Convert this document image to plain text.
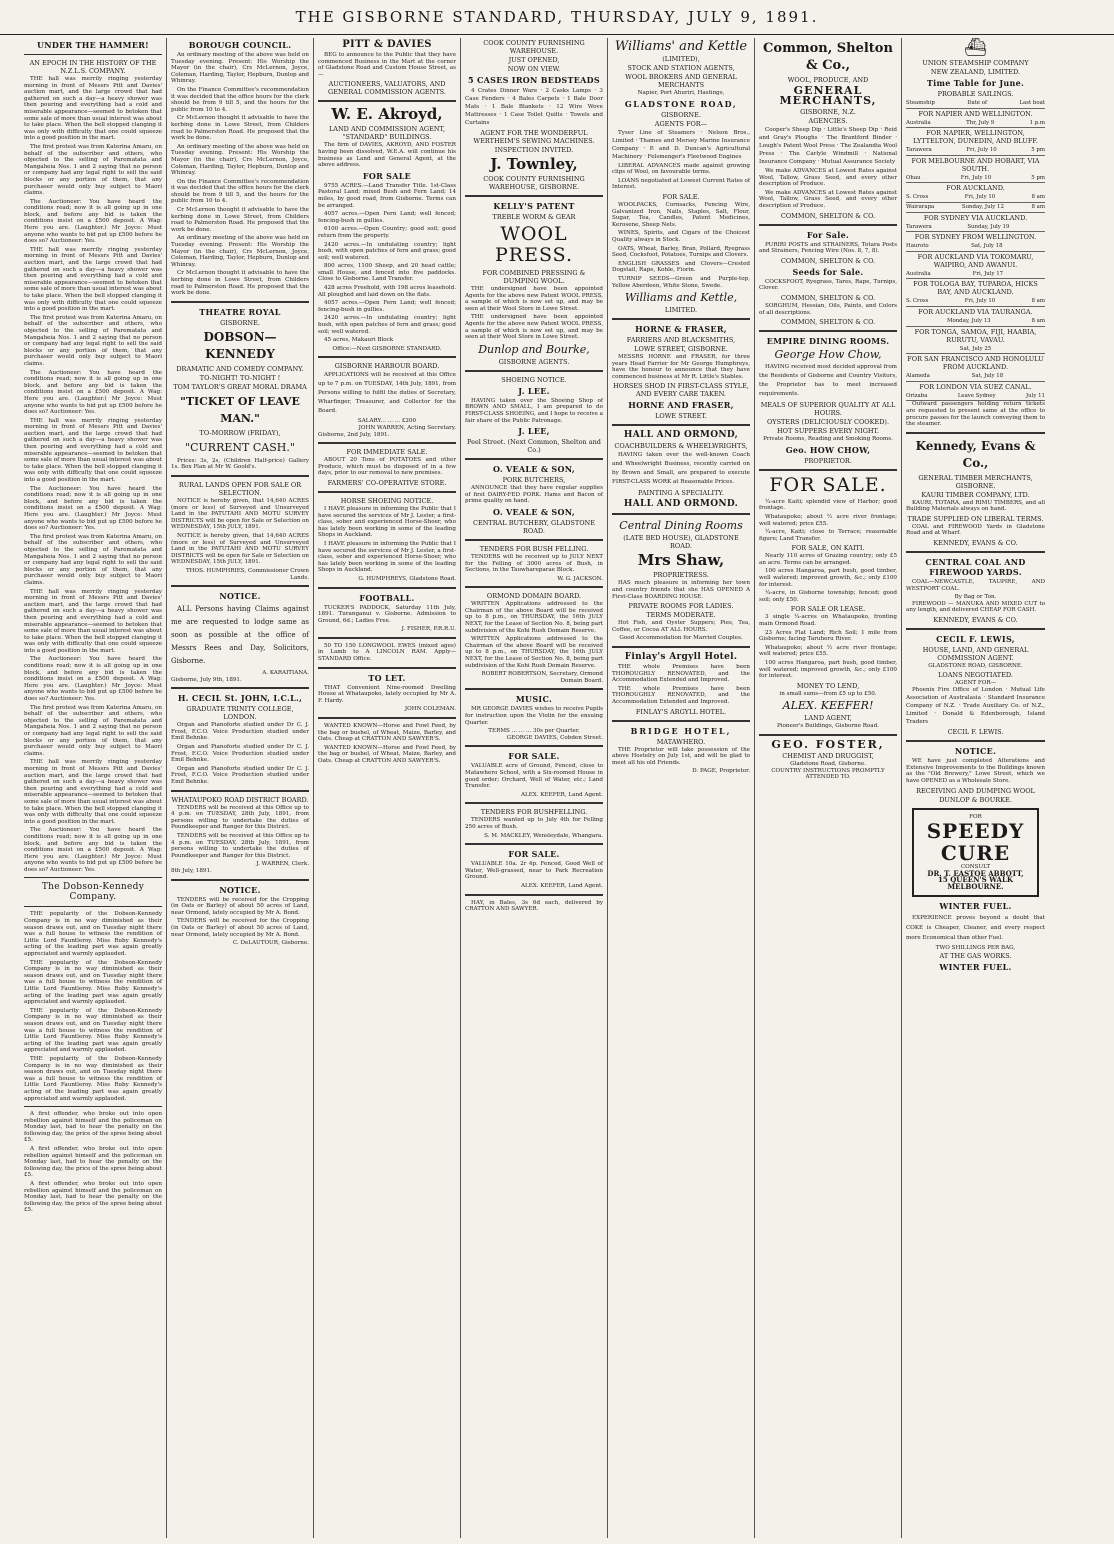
THE GISBORNE STANDARD, THURSDAY, JULY 9, 1891.
UNDER THE HAMMER!
AN EPOCH IN THE HISTORY OF THE N.Z.L.S. COMPANY.

THE hall was merrily ringing yesterday morning in front of Messrs Pitt and Davies' auction mart, and the large crowd that had gathered on such a day—a heavy shower was then pouring and everything had a cold and miserable appearance—seemed to betoken that some sale of more than usual interest was about to take place. When the bell stopped clanging it was only with difficulty that one could squeeze into a good position in the mart.

The first protest was from Katerina Amaru, on behalf of the subscriber and others, who objected to the selling of Parematata and Mangaheia Nos. 1 and 2 saying that no person or company had any legal right to sell the said blocks or any portion of them, that any purchaser would only buy subject to Maori claims.

The Auctioneer: You have heard the conditions read; now it is all going up in one block, and before any bid is taken the conditions insist on a £500 deposit. A Wag: Here you are. (Laughter.) Mr Joyce: Must anyone who wants to bid put up £500 before he does so? Auctioneer: Yes.

THE hall was merrily ringing yesterday morning in front of Messrs Pitt and Davies' auction mart, and the large crowd that had gathered on such a day—a heavy shower was then pouring and everything had a cold and miserable appearance—seemed to betoken that some sale of more than usual interest was about to take place. When the bell stopped clanging it was only with difficulty that one could squeeze into a good position in the mart.

The first protest was from Katerina Amaru, on behalf of the subscriber and others, who objected to the selling of Parematata and Mangaheia Nos. 1 and 2 saying that no person or company had any legal right to sell the said blocks or any portion of them, that any purchaser would only buy subject to Maori claims.

The Auctioneer: You have heard the conditions read; now it is all going up in one block, and before any bid is taken the conditions insist on a £500 deposit. A Wag: Here you are. (Laughter.) Mr Joyce: Must anyone who wants to bid put up £500 before he does so? Auctioneer: Yes.

THE hall was merrily ringing yesterday morning in front of Messrs Pitt and Davies' auction mart, and the large crowd that had gathered on such a day—a heavy shower was then pouring and everything had a cold and miserable appearance—seemed to betoken that some sale of more than usual interest was about to take place. When the bell stopped clanging it was only with difficulty that one could squeeze into a good position in the mart.

The Auctioneer: You have heard the conditions read; now it is all going up in one block, and before any bid is taken the conditions insist on a £500 deposit. A Wag: Here you are. (Laughter.) Mr Joyce: Must anyone who wants to bid put up £500 before he does so? Auctioneer: Yes.

The first protest was from Katerina Amaru, on behalf of the subscriber and others, who objected to the selling of Parematata and Mangaheia Nos. 1 and 2 saying that no person or company had any legal right to sell the said blocks or any portion of them, that any purchaser would only buy subject to Maori claims.

THE hall was merrily ringing yesterday morning in front of Messrs Pitt and Davies' auction mart, and the large crowd that had gathered on such a day—a heavy shower was then pouring and everything had a cold and miserable appearance—seemed to betoken that some sale of more than usual interest was about to take place. When the bell stopped clanging it was only with difficulty that one could squeeze into a good position in the mart.

The Auctioneer: You have heard the conditions read; now it is all going up in one block, and before any bid is taken the conditions insist on a £500 deposit. A Wag: Here you are. (Laughter.) Mr Joyce: Must anyone who wants to bid put up £500 before he does so? Auctioneer: Yes.

The first protest was from Katerina Amaru, on behalf of the subscriber and others, who objected to the selling of Parematata and Mangaheia Nos. 1 and 2 saying that no person or company had any legal right to sell the said blocks or any portion of them, that any purchaser would only buy subject to Maori claims.

THE hall was merrily ringing yesterday morning in front of Messrs Pitt and Davies' auction mart, and the large crowd that had gathered on such a day—a heavy shower was then pouring and everything had a cold and miserable appearance—seemed to betoken that some sale of more than usual interest was about to take place. When the bell stopped clanging it was only with difficulty that one could squeeze into a good position in the mart.

The Auctioneer: You have heard the conditions read; now it is all going up in one block, and before any bid is taken the conditions insist on a £500 deposit. A Wag: Here you are. (Laughter.) Mr Joyce: Must anyone who wants to bid put up £500 before he does so? Auctioneer: Yes.

The Dobson-Kennedy Company.

THE popularity of the Dobson-Kennedy Company is in no way diminished as their season draws out, and on Tuesday night there was a full house to witness the rendition of Little Lord Fauntleroy. Miss Ruby Kennedy's acting of the leading part was again greatly appreciated and warmly applauded.

THE popularity of the Dobson-Kennedy Company is in no way diminished as their season draws out, and on Tuesday night there was a full house to witness the rendition of Little Lord Fauntleroy. Miss Ruby Kennedy's acting of the leading part was again greatly appreciated and warmly applauded.

THE popularity of the Dobson-Kennedy Company is in no way diminished as their season draws out, and on Tuesday night there was a full house to witness the rendition of Little Lord Fauntleroy. Miss Ruby Kennedy's acting of the leading part was again greatly appreciated and warmly applauded.

THE popularity of the Dobson-Kennedy Company is in no way diminished as their season draws out, and on Tuesday night there was a full house to witness the rendition of Little Lord Fauntleroy. Miss Ruby Kennedy's acting of the leading part was again greatly appreciated and warmly applauded.

A first offender, who broke out into open rebellion against himself and the policeman on Monday last, had to hear the penalty on the following day, the price of the spree being about £5.

A first offender, who broke out into open rebellion against himself and the policeman on Monday last, had to hear the penalty on the following day, the price of the spree being about £5.

A first offender, who broke out into open rebellion against himself and the policeman on Monday last, had to hear the penalty on the following day, the price of the spree being about £5.

BOROUGH COUNCIL.

An ordinary meeting of the above was held on Tuesday evening. Present: His Worship the Mayor (in the chair), Crs McLernon, Joyce, Coleman, Harding, Taylor, Hepburn, Dunlop and Whinray.

On the Finance Committee's recommendation it was decided that the office hours for the clerk should be from 9 till 5, and the hours for the public from 10 to 4.

Cr McLernon thought it advisable to have the kerbing done in Lowe Street, from Childers road to Palmerston Road. He proposed that the work be done.

An ordinary meeting of the above was held on Tuesday evening. Present: His Worship the Mayor (in the chair), Crs McLernon, Joyce, Coleman, Harding, Taylor, Hepburn, Dunlop and Whinray.

On the Finance Committee's recommendation it was decided that the office hours for the clerk should be from 9 till 5, and the hours for the public from 10 to 4.

Cr McLernon thought it advisable to have the kerbing done in Lowe Street, from Childers road to Palmerston Road. He proposed that the work be done.

An ordinary meeting of the above was held on Tuesday evening. Present: His Worship the Mayor (in the chair), Crs McLernon, Joyce, Coleman, Harding, Taylor, Hepburn, Dunlop and Whinray.

Cr McLernon thought it advisable to have the kerbing done in Lowe Street, from Childers road to Palmerston Road. He proposed that the work be done.

THEATRE ROYAL
GISBORNE.
DOBSON—KENNEDY
DRAMATIC AND COMEDY COMPANY.
TO-NIGHT! TO-NIGHT !
TOM TAYLOR'S GREAT MORAL DRAMA
"TICKET OF LEAVE MAN."
TO-MORROW (FRIDAY),
"CURRENT CASH."

Prices: 3s, 2s, (Children Half-price) Gallery 1s. Box Plan at Mr W. Goold's.

RURAL LANDS OPEN FOR SALE OR SELECTION.

NOTICE is hereby given, that 14,640 ACRES (more or less) of Surveyed and Unsurveyed Land in the PATUTAHI AND MOTU SURVEY DISTRICTS will be open for Sale or Selection on WEDNESDAY, 15th JULY, 1891.

NOTICE is hereby given, that 14,640 ACRES (more or less) of Surveyed and Unsurveyed Land in the PATUTAHI AND MOTU SURVEY DISTRICTS will be open for Sale or Selection on WEDNESDAY, 15th JULY, 1891.

THOS. HUMPHRIES, Commissioner Crown Lands.
NOTICE.

ALL Persons having Claims against me are requested to lodge same as soon as possible at the office of Messrs Rees and Day, Solicitors, Gisborne.

A. KARAITIANA.
Gisborne, July 9th, 1891.
H. CECIL St. JOHN, I.C.L.,
GRADUATE TRINITY COLLEGE, LONDON.

Organ and Pianoforte studied under Dr C. J. Frost, F.C.O. Voice Production studied under Emil Behnke.

Organ and Pianoforte studied under Dr C. J. Frost, F.C.O. Voice Production studied under Emil Behnke.

Organ and Pianoforte studied under Dr C. J. Frost, F.C.O. Voice Production studied under Emil Behnke.

WHATAUPOKO ROAD DISTRICT BOARD.

TENDERS will be received at this Office up to 4 p.m. on TUESDAY, 28th July, 1891, from persons willing to undertake the duties of Poundkeeper and Ranger for this District.

TENDERS will be received at this Office up to 4 p.m. on TUESDAY, 28th July, 1891, from persons willing to undertake the duties of Poundkeeper and Ranger for this District.

J. WARREN, Clerk.
8th July, 1891.
NOTICE.

TENDERS will be received for the Cropping (in Oats or Barley) of about 50 acres of Land, near Ormond, lately occupied by Mr A. Bond.

TENDERS will be received for the Cropping (in Oats or Barley) of about 50 acres of Land, near Ormond, lately occupied by Mr A. Bond.

C. DeLAUTOUR, Gisborne.
PITT & DAVIES

BEG to announce to the Public that they have commenced Business in the Mart at the corner of Gladstone Road and Custom House Street, as—

AUCTIONEERS, VALUATORS, AND GENERAL COMMISSION AGENTS.
W. E. Akroyd,
LAND AND COMMISSION AGENT, "STANDARD" BUILDINGS.

The firm of DAVIES, AKROYD, AND FOSTER having been dissolved, W.E.A. will continue his business as Land and General Agent, at the above address.

FOR SALE

9755 ACRES.—Land Transfer Title. 1st-Class Pastoral Land; mixed Bush and Fern Land; 14 miles, by good road, from Gisborne. Terms can be arranged.

4057 acres.—Open Fern Land; well fenced; fencing-bush in gullies.

6100 acres.—Open Country; good soil; good return from the property.

2420 acres.—In undulating country; light bush, with open patches of fern and grass; good soil; well watered.

800 acres, 1100 Sheep, and 20 head cattle; small House, and fenced into five paddocks. Close to Gisborne. Land Transfer.

428 acres Freehold, with 198 acres leasehold. All ploughed and laid down on the flats.

4057 acres.—Open Fern Land; well fenced; fencing-bush in gullies.

2420 acres.—In undulating country; light bush, with open patches of fern and grass; good soil; well watered.

45 acres, Makauri Block

Office:—Next GISBORNE STANDARD.
GISBORNE HARBOUR BOARD.

APPLICATIONS will be received at this Office up to 7 p.m. on TUESDAY, 14th July, 1891, from Persons willing to fulfil the duties of Secretary, Wharfinger, Treasurer, and Collector for the Board.

SALARY... ... ... £200
JOHN WARREN, Acting Secretary.
Gisborne, 2nd July, 1891.
FOR IMMEDIATE SALE.

ABOUT 20 Tons of POTATOES and other Produce, which must be disposed of in a few days, prior to our removal to new premises.

FARMERS' CO-OPERATIVE STORE.
HORSE SHOEING NOTICE.

I HAVE pleasure in informing the Public that I have secured the services of Mr J. Lester, a first-class, sober and experienced Horse-Shoer, who has lately been working in some of the leading Shops in Auckland.

I HAVE pleasure in informing the Public that I have secured the services of Mr J. Lester, a first-class, sober and experienced Horse-Shoer, who has lately been working in some of the leading Shops in Auckland.

G. HUMPHREYS, Gladstone Road.
FOOTBALL.

TUCKER'S PADDOCK, Saturday 11th July, 1891. Turanganui v. Gisborne. Admission to Ground, 6d.; Ladies Free.

J. FISHER, P.R.R.U.

50 TO 150 LONGWOOL EWES (mixed ages) in Lamb to A LINCOLN RAM. Apply—STANDARD Office.

TO LET.

THAT Convenient Nine-roomed Dwelling House at Whataupoko, lately occupied by Mr A. F. Hardy.

JOHN COLEMAN.

WANTED KNOWN—Horse and Fowl Feed, by the bag or bushel, of Wheat, Maize, Barley, and Oats. Cheap at CRATTON AND SAWYER'S.

WANTED KNOWN—Horse and Fowl Feed, by the bag or bushel, of Wheat, Maize, Barley, and Oats. Cheap at CRATTON AND SAWYER'S.

COOK COUNTY FURNISHING WAREHOUSE.
JUST OPENED,
NOW ON VIEW.
5 CASES IRON BEDSTEADS

4 Crates Dinner Ware · 2 Casks Lamps · 3 Case Fenders · 4 Bales Carpets · 1 Bale Door Mats · 1 Bale Blankets · 12 Wire Wove Mattresses · 1 Case Toilet Quilts · Towels and Curtains

AGENT FOR THE WONDERFUL WERTHEIM'S SEWING MACHINES.
INSPECTION INVITED.
J. Townley,
COOK COUNTY FURNISHING WAREHOUSE, GISBORNE.
KELLY'S PATENT
TREBLE WORM & GEAR
WOOL PRESS.
FOR COMBINED PRESSING & DUMPING WOOL.

THE undersigned have been appointed Agents for the above new Patent WOOL PRESS, a sample of which is now set up, and may be seen at their Wool Store in Lowe Street.

THE undersigned have been appointed Agents for the above new Patent WOOL PRESS, a sample of which is now set up, and may be seen at their Wool Store in Lowe Street.

Dunlop and Bourke,
GISBORNE AGENTS.
SHOEING NOTICE.
J. LEE.

HAVING taken over the Shoeing Shop of BROWN AND SMALL, I am prepared to do FIRST-CLASS SHOEING, and I hope to receive a fair share of the Public Patronage.

J. LEE,
Peel Street. (Next Common, Shelton and Co.)
O. VEALE & SON,
PORK BUTCHERS,

ANNOUNCE that they have regular supplies of first DAIRY-FED PORK. Hams and Bacon of prime quality on hand.

O. VEALE & SON,
CENTRAL BUTCHERY, GLADSTONE ROAD.
TENDERS FOR BUSH FELLING.

TENDERS will be received up to JULY NEXT for the Felling of 3000 acres of Bush, in Sections, in the Tauwhareparae Block.

W. G. JACKSON.
ORMOND DOMAIN BOARD.

WRITTEN Applications addressed to the Chairman of the above Board will be received up to 8 p.m., on THURSDAY, the 16th JULY NEXT, for the Lease of Section No. 8, being part subdivision of the Kohi Rush Domain Reserve.

WRITTEN Applications addressed to the Chairman of the above Board will be received up to 8 p.m., on THURSDAY, the 16th JULY NEXT, for the Lease of Section No. 8, being part subdivision of the Kohi Rush Domain Reserve.

ROBERT ROBERTSON, Secretary, Ormond Domain Board.
MUSIC.

MR GEORGE DAVIES wishes to receive Pupils for instruction upon the Violin for the ensuing Quarter.

TERMS ... ... ... 30s per Quarter.
GEORGE DAVIES, Cobden Street.
FOR SALE.

VALUABLE acre of Ground, Fenced, close to Matawhero School, with a Six-roomed House in good order; Orchard, Well of Water, etc.; Land Transfer.

ALEX. KEEFER, Land Agent.
TENDERS FOR BUSHFELLING.

TENDERS wanted up to July 4th for Felling 250 acres of Bush.

S. M. MACKLEY, Wensleydale, Whangara.
FOR SALE.

VALUABLE 10a. 2r 4p. Fenced, Good Well of Water, Well-grassed, near to Park Recreation Ground.

ALEX. KEEFER, Land Agent.

HAY, in Bales, 3s 6d each, delivered by CRATTON AND SAWYER.

Williams' and Kettle
(LIMITED),
STOCK AND STATION AGENTS,
WOOL BROKERS AND GENERAL MERCHANTS
Napier, Port Ahuriri, Hastings,
GLADSTONE ROAD,
GISBORNE.
AGENTS FOR—

Tyser Line of Steamers · Nelson Bros., Limited · Thames and Mersey Marine Insurance Company · P. and D. Duncan's Agricultural Machinery · Felsmenger's Fleetwood Engines

LIBERAL ADVANCES made against growing clips of Wool, on favourable terms.

LOANS negotiated at Lowest Current Rates of Interest.

FOR SALE.

WOOLPACKS, Cornsacks, Fencing Wire, Galvanized Iron, Nails, Staples, Salt, Flour, Sugar, Tea, Candles, Patent Medicines, Kerosene, Sheep Nets.

WINES, Spirits, and Cigars of the Choicest Quality always in Stock.

OATS, Wheat, Barley, Bran, Pollard, Ryegrass Seed, Cocksfoot, Potatoes, Turnips and Clovers.

ENGLISH GRASSES and Clovers—Crested Dogstail, Rape, Kohle, Fiorin.

TURNIP SEEDS—Green and Purple-top, Yellow Aberdeen, White Stone, Swede.

Williams and Kettle,
LIMITED.
HORNE & FRASER,
FARRIERS AND BLACKSMITHS,
LOWE STREET, GISBORNE.

MESSRS HORNE and FRASER, for three years Head Farrier for Mr George Humphreys, have the honour to announce that they have commenced business at Mr R. Little's Stables.

HORSES SHOD IN FIRST-CLASS STYLE, AND EVERY CARE TAKEN.
HORNE AND FRASER,
LOWE STREET.
HALL AND ORMOND,
COACHBUILDERS & WHEELWRIGHTS,

HAVING taken over the well-known Coach and Wheelwright Business, recently carried on by Brown and Small, are prepared to execute FIRST-CLASS WORK at Reasonable Prices.

PAINTING A SPECIALITY.
HALL AND ORMOND.
Central Dining Rooms
(LATE BED HOUSE), GLADSTONE ROAD.
Mrs Shaw,
PROPRIETRESS.

HAS much pleasure in informing her town and country friends that she HAS OPENED A First-Class BOARDING HOUSE.

PRIVATE ROOMS FOR LADIES.
TERMS MODERATE.

Hot Fish, and Oyster Suppers; Pies, Tea, Coffee, or Cocoa AT ALL HOURS.

Good Accommodation for Married Couples.
Finlay's Argyll Hotel.

THE whole Premises have been THOROUGHLY RENOVATED, and the Accommodation Extended and Improved.

THE whole Premises have been THOROUGHLY RENOVATED, and the Accommodation Extended and Improved.

FINLAY'S ARGYLL HOTEL.
BRIDGE HOTEL,
MATAWHERO.

THE Proprietor will take possession of the above Hostelry on July 1st, and will be glad to meet all his old Friends.

D. PAGE, Proprietor.
Common, Shelton & Co.,
WOOL, PRODUCE, AND
GENERAL MERCHANTS,
GISBORNE, N.Z.
AGENCIES.

Cooper's Sheep Dip · Little's Sheep Dip · Reid and Gray's Ploughs · The Brantford Binder · Lough's Patent Wool Press · The Zealandia Wool Press · The Carlyle Windmill · National Insurance Company · Mutual Assurance Society

We make ADVANCES at Lowest Rates against Wool, Tallow, Grass Seed, and every other description of Produce.

We make ADVANCES at Lowest Rates against Wool, Tallow, Grass Seed, and every other description of Produce.

COMMON, SHELTON & CO.
For Sale.

PURIRI POSTS and STRAINERS, Totara Posts and Strainers, Fencing Wire (Nos. 8, 7, 8).

COMMON, SHELTON & CO.
Seeds for Sale.

COCKSFOOT, Ryegrass, Tares, Rape, Turnips, Clover.

COMMON, SHELTON & CO.

SORGHUM, Hessian, Oils, Paints, and Colors of all descriptions.

COMMON, SHELTON & CO.
EMPIRE DINING ROOMS.
George How Chow,

HAVING received most decided approval from the Residents of Gisborne and Country Visitors, the Proprietor has to meet increased requirements.

MEALS OF SUPERIOR QUALITY AT ALL HOURS.
OYSTERS (DELICIOUSLY COOKED).
HOT SUPPERS EVERY NIGHT.
Private Rooms, Reading and Smoking Rooms.
Geo. HOW CHOW,
PROPRIETOR.
FOR SALE.

¼-acre Kaiti; splendid view of Harbor; good frontage.

Whataupoko; about ½ acre river frontage; well watered; price £55.

¼-acre, Kaiti; close to Terrace; reasonable figure; Land Transfer.

FOR SALE, ON KAITI.

Nearly 110 acres of Grazing country; only £5 an acre. Terms can be arranged.

100 acres Hangaroa, part bush, good timber, well watered; improved growth, &c.; only £100 for interest.

¼-acre, in Gisborne township; fenced; good soil; only £50.

FOR SALE OR LEASE.

3 single ¼-acres on Whataupoko, fronting main Ormond Road.

23 Acres Flat Land; Rich Soil; 1 mile from Gisborne; facing Taruheru River.

Whataupoko; about ½ acre river frontage; well watered; price £55.

100 acres Hangaroa, part bush, good timber, well watered; improved growth, &c.; only £100 for interest.

MONEY TO LEND,
in small sums—from £5 up to £50.
ALEX. KEEFER!
LAND AGENT,
Pioneer's Buildings, Gisborne Road.
GEO. FOSTER,
CHEMIST AND DRUGGIST,
Gladstone Road, Gisborne.
COUNTRY INSTRUCTIONS PROMPTLY ATTENDED TO.
⛴
UNION STEAMSHIP COMPANY
NEW ZEALAND, LIMITED.
Time Table for June.
PROBABLE SAILINGS.
Steamship	Date of	Last boat
FOR NAPIER AND WELLINGTON.
Australia	Thr, July 9	1 p.m
FOR NAPIER, WELLINGTON, LYTTELTON, DUNEDIN, AND BLUFF.
Tarawera	Fri, July 10	5 pm
FOR MELBOURNE AND HOBART, VIA SOUTH.
Ohau	Fri, July 10	5 pm
FOR AUCKLAND.
S. Cross	Fri, July 10	8 am
Wairarapa	Sunday, July 12	8 am
FOR SYDNEY VIA AUCKLAND.
Tarawera	Sunday, July 19
FOR SYDNEY FROM WELLINGTON.
Hauroto	Sat, July 18
FOR AUCKLAND VIA TOKOMARU, WAIPIRO, AND AWANUI.
Australia	Fri, July 17
FOR TOLOGA BAY, TUPAROA, HICKS BAY, AND AUCKLAND.
S. Cross	Fri, July 10	8 am
FOR AUCKLAND VIA TAURANGA.
Monday, July 13	8 am
FOR TONGA, SAMOA, FIJI, HAABIA, RURUTU, VAVAU.
Sat, July 25
FOR SAN FRANCISCO AND HONOLULU FROM AUCKLAND.
Alameda	Sat, July 18
FOR LONDON VIA SUEZ CANAL.
Orizaba	Leave Sydney	July 11

Outward passengers holding return tickets are requested to present same at the office to procure passes for the launch conveying them to the steamer.

Kennedy, Evans & Co.,
GENERAL TIMBER MERCHANTS, GISBORNE.
KAURI TIMBER COMPANY, LTD.

KAURI, TOTARA, and RIMU TIMBERS, and all Building Materials always on hand.

TRADE SUPPLIED ON LIBERAL TERMS.

COAL and FIREWOOD Yards in Gladstone Road and at Wharf.

KENNEDY, EVANS & CO.
CENTRAL COAL AND FIREWOOD YARDS.

COAL—NEWCASTLE, TAUPIRE, AND WESTPORT COAL.

By Bag or Ton.

FIREWOOD — MANUKA AND MIXED CUT to any length, and delivered CHEAP FOR CASH.

KENNEDY, EVANS & CO.
CECIL F. LEWIS,
HOUSE, LAND, AND GENERAL COMMISSION AGENT.
GLADSTONE ROAD, GISBORNE.
LOANS NEGOTIATED.
AGENT FOR—

Phoenix Fire Office of London · Mutual Life Association of Australasia · Standard Insurance Company of N.Z. · Trade Auxiliary Co. of N.Z., Limited · Donald & Edenborough, Island Traders

CECIL F. LEWIS.
NOTICE.

WE have just completed Alterations and Extensive Improvements to the Buildings known as the "Old Brewery," Lowe Street, which we have OPENED as a Wholesale Store.

RECEIVING AND DUMPING WOOL
DUNLOP & BOURKE.
FOR
SPEEDY CURE
CONSULT
DR. T. EASTOE ABBOTT,
15 QUEEN'S WALK
MELBOURNE.
WINTER FUEL.

EXPERIENCE proves beyond a doubt that COKE is Cheaper, Cleaner, and every respect more Economical than other Fuel.

TWO SHILLINGS PER BAG,
AT THE GAS WORKS.
WINTER FUEL.
